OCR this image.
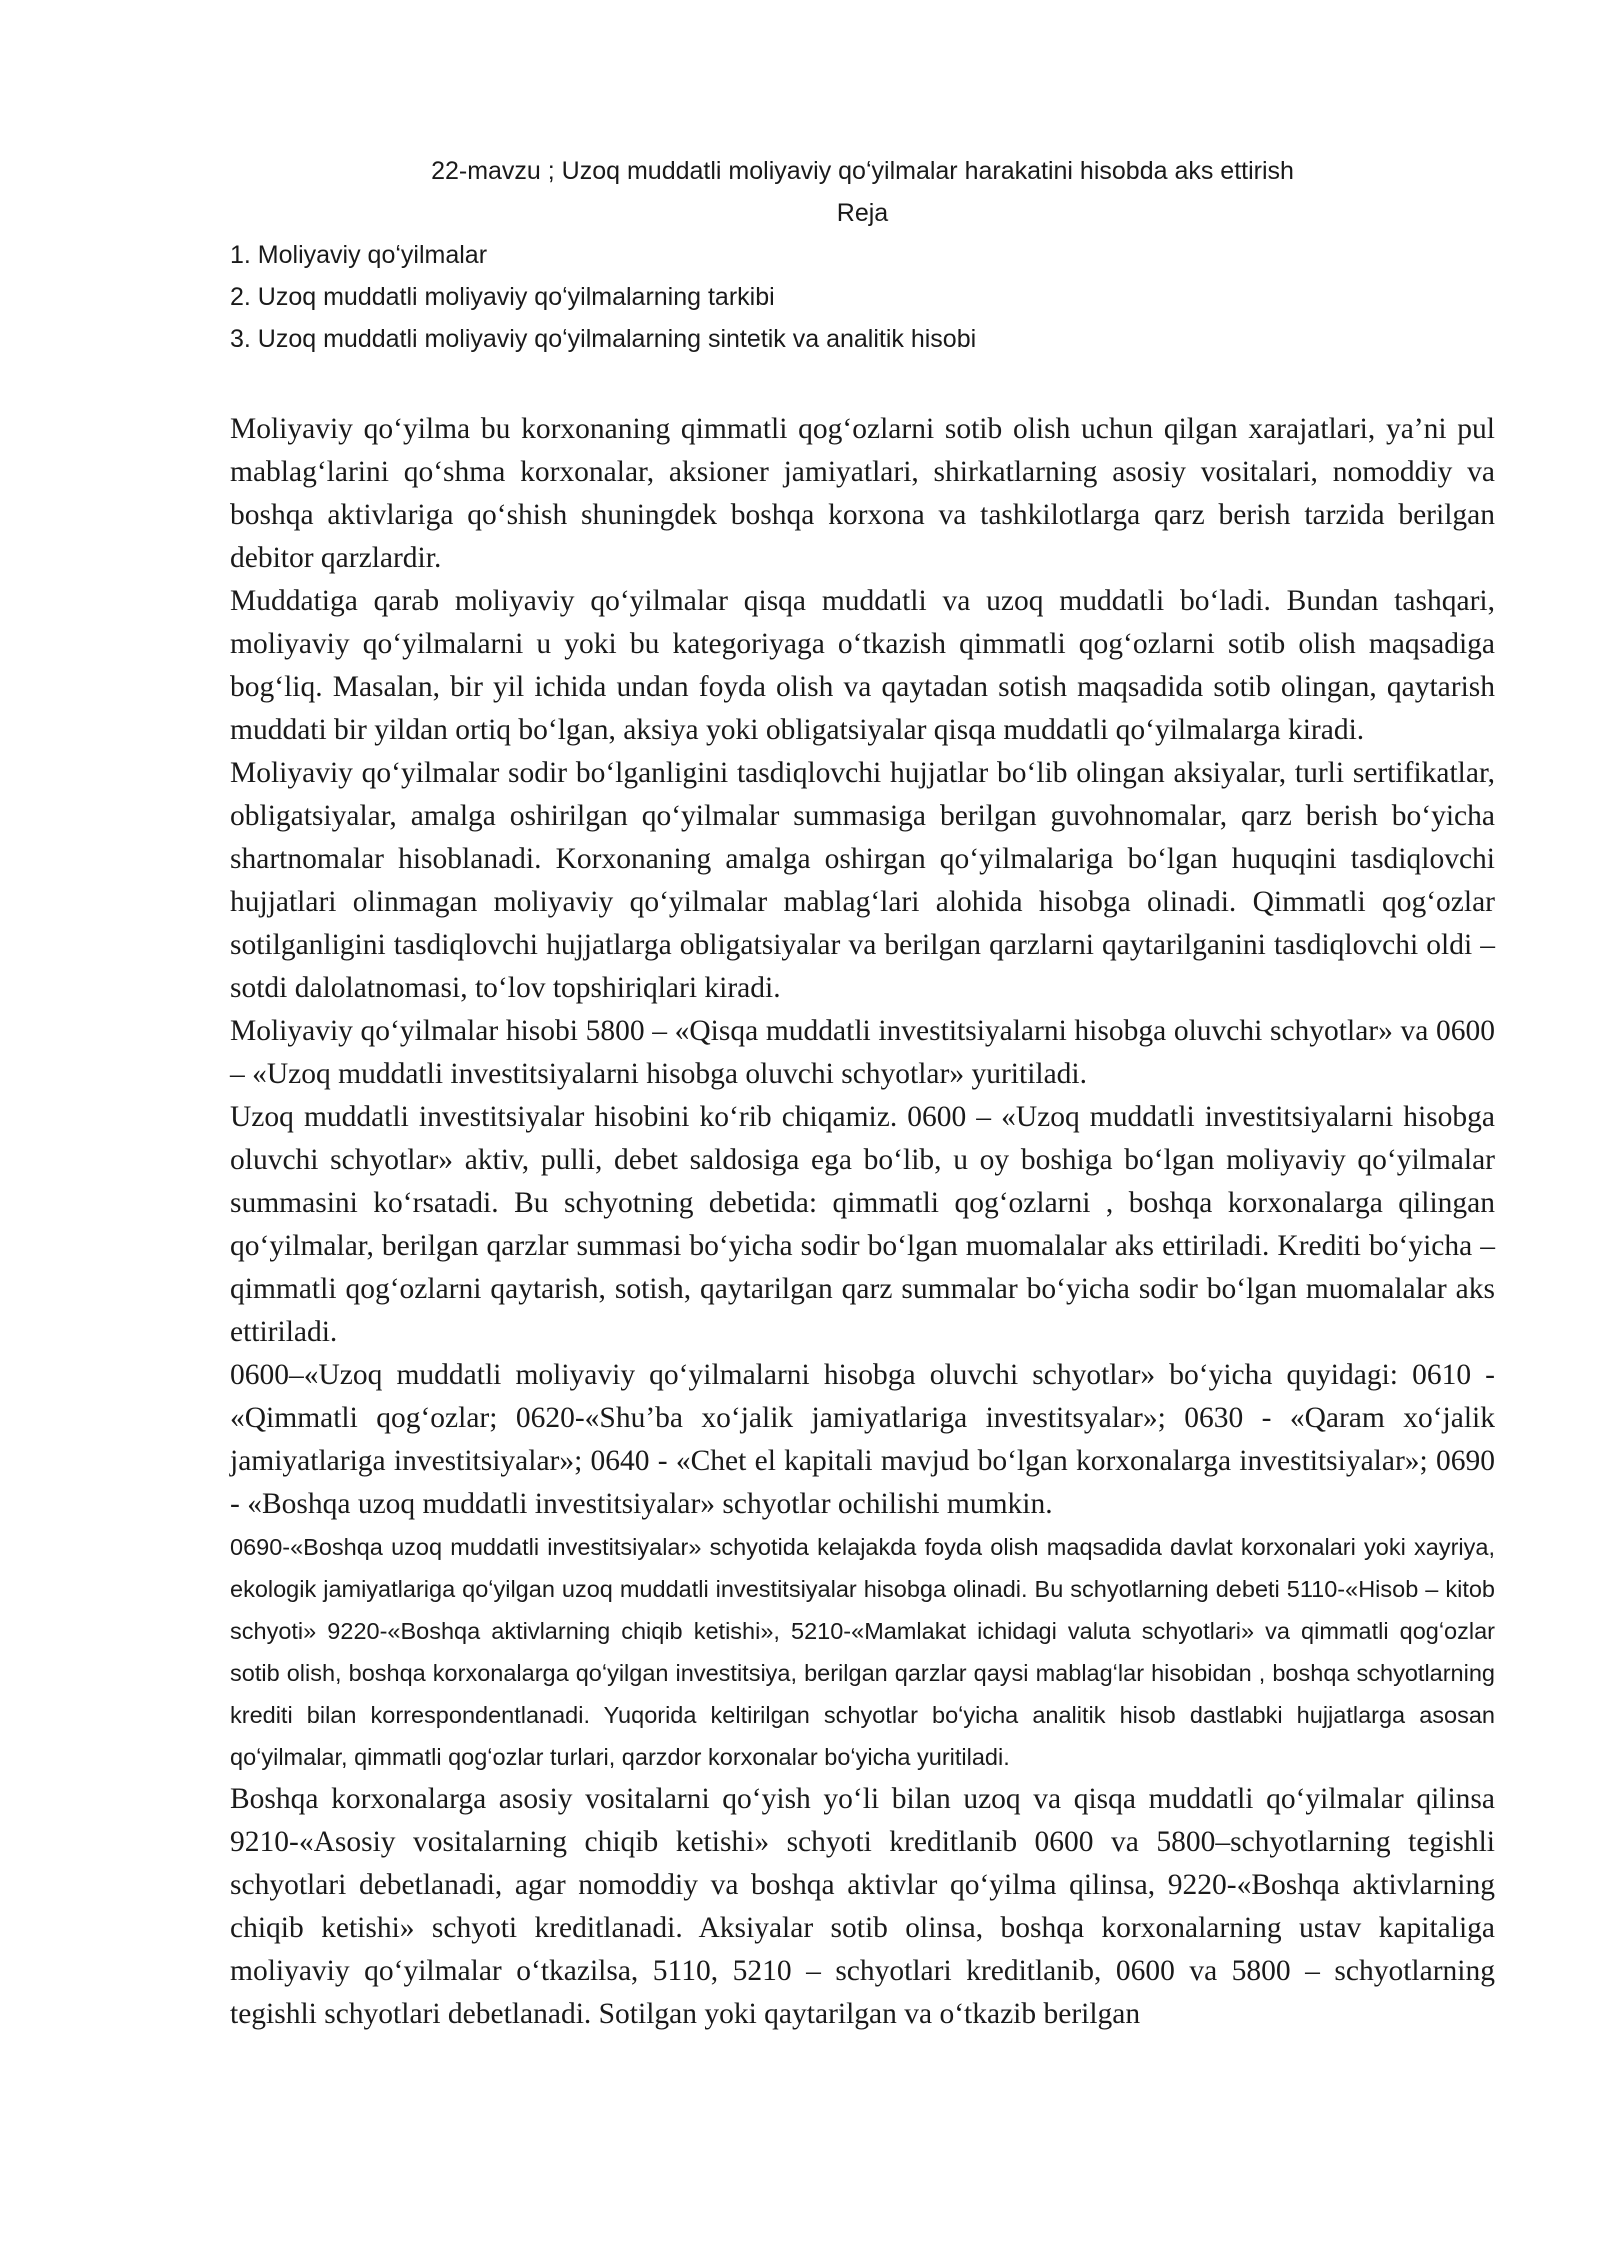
22-mavzu ; Uzoq muddatli moliyaviy qoʻyilmalar harakatini hisobda aks ettirish
Reja
1. Moliyaviy qoʻyilmalar
2. Uzoq muddatli moliyaviy qoʻyilmalarning tarkibi
3. Uzoq muddatli moliyaviy qoʻyilmalarning sintetik va analitik hisobi

Moliyaviy qo‘yilma bu korxonaning qimmatli qog‘ozlarni sotib olish uchun qilgan xarajatlari, ya’ni pul mablag‘larini qo‘shma korxonalar, aksioner jamiyatlari, shirkatlarning asosiy vositalari, nomoddiy va boshqa aktivlariga qo‘shish shuningdek boshqa korxona va tashkilotlarga qarz berish tarzida berilgan debitor qarzlardir.

Muddatiga qarab moliyaviy qo‘yilmalar qisqa muddatli va uzoq muddatli bo‘ladi. Bundan tashqari, moliyaviy qo‘yilmalarni u yoki bu kategoriyaga o‘tkazish qimmatli qog‘ozlarni sotib olish maqsadiga bog‘liq. Masalan, bir yil ichida undan foyda olish va qaytadan sotish maqsadida sotib olingan, qaytarish muddati bir yildan ortiq bo‘lgan, aksiya yoki obligatsiyalar qisqa muddatli qo‘yilmalarga kiradi.

Moliyaviy qo‘yilmalar sodir bo‘lganligini tasdiqlovchi hujjatlar bo‘lib olingan aksiyalar, turli sertifikatlar, obligatsiyalar, amalga oshirilgan qo‘yilmalar summasiga berilgan guvohnomalar, qarz berish bo‘yicha shartnomalar hisoblanadi. Korxonaning amalga oshirgan qo‘yilmalariga bo‘lgan huquqini tasdiqlovchi hujjatlari olinmagan moliyaviy qo‘yilmalar mablag‘lari alohida hisobga olinadi. Qimmatli qog‘ozlar sotilganligini tasdiqlovchi hujjatlarga obligatsiyalar va berilgan qarzlarni qaytarilganini tasdiqlovchi oldi – sotdi dalolatnomasi, to‘lov topshiriqlari kiradi.

Moliyaviy qo‘yilmalar hisobi 5800 – «Qisqa muddatli investitsiyalarni hisobga oluvchi schyotlar» va 0600 – «Uzoq muddatli investitsiyalarni hisobga oluvchi schyotlar» yuritiladi.

Uzoq muddatli investitsiyalar hisobini ko‘rib chiqamiz. 0600 – «Uzoq muddatli investitsiyalarni hisobga oluvchi schyotlar» aktiv, pulli, debet saldosiga ega bo‘lib, u oy boshiga bo‘lgan moliyaviy qo‘yilmalar summasini ko‘rsatadi. Bu schyotning debetida: qimmatli qog‘ozlarni , boshqa korxonalarga qilingan qo‘yilmalar, berilgan qarzlar summasi bo‘yicha sodir bo‘lgan muomalalar aks ettiriladi. Krediti bo‘yicha – qimmatli qog‘ozlarni qaytarish, sotish, qaytarilgan qarz summalar bo‘yicha sodir bo‘lgan muomalalar aks ettiriladi.

0600–«Uzoq muddatli moliyaviy qo‘yilmalarni hisobga oluvchi schyotlar» bo‘yicha quyidagi: 0610 - «Qimmatli qog‘ozlar; 0620-«Shu’ba xo‘jalik jamiyatlariga investitsyalar»; 0630 - «Qaram xo‘jalik jamiyatlariga investitsiyalar»; 0640 - «Chet el kapitali mavjud bo‘lgan korxonalarga investitsiyalar»; 0690 - «Boshqa uzoq muddatli investitsiyalar» schyotlar ochilishi mumkin.

0690-«Boshqa uzoq muddatli investitsiyalar» schyotida kelajakda foyda olish maqsadida davlat korxonalari yoki xayriya, ekologik jamiyatlariga qoʻyilgan uzoq muddatli investitsiyalar hisobga olinadi. Bu schyotlarning debeti 5110-«Hisob – kitob schyoti» 9220-«Boshqa aktivlarning chiqib ketishi», 5210-«Mamlakat ichidagi valuta schyotlari» va qimmatli qogʻozlar sotib olish, boshqa korxonalarga qoʻyilgan investitsiya, berilgan qarzlar qaysi mablagʻlar hisobidan , boshqa schyotlarning krediti bilan korrespondentlanadi. Yuqorida keltirilgan schyotlar boʻyicha analitik hisob dastlabki hujjatlarga asosan qoʻyilmalar, qimmatli qogʻozlar turlari, qarzdor korxonalar boʻyicha yuritiladi.

Boshqa korxonalarga asosiy vositalarni qo‘yish yo‘li bilan uzoq va qisqa muddatli qo‘yilmalar qilinsa 9210-«Asosiy vositalarning chiqib ketishi» schyoti kreditlanib 0600 va 5800–schyotlarning tegishli schyotlari debetlanadi, agar nomoddiy va boshqa aktivlar qo‘yilma qilinsa, 9220-«Boshqa aktivlarning chiqib ketishi» schyoti kreditlanadi. Aksiyalar sotib olinsa, boshqa korxonalarning ustav kapitaliga moliyaviy qo‘yilmalar o‘tkazilsa, 5110, 5210 – schyotlari kreditlanib, 0600 va 5800 – schyotlarning tegishli schyotlari debetlanadi. Sotilgan yoki qaytarilgan va o‘tkazib berilgan
